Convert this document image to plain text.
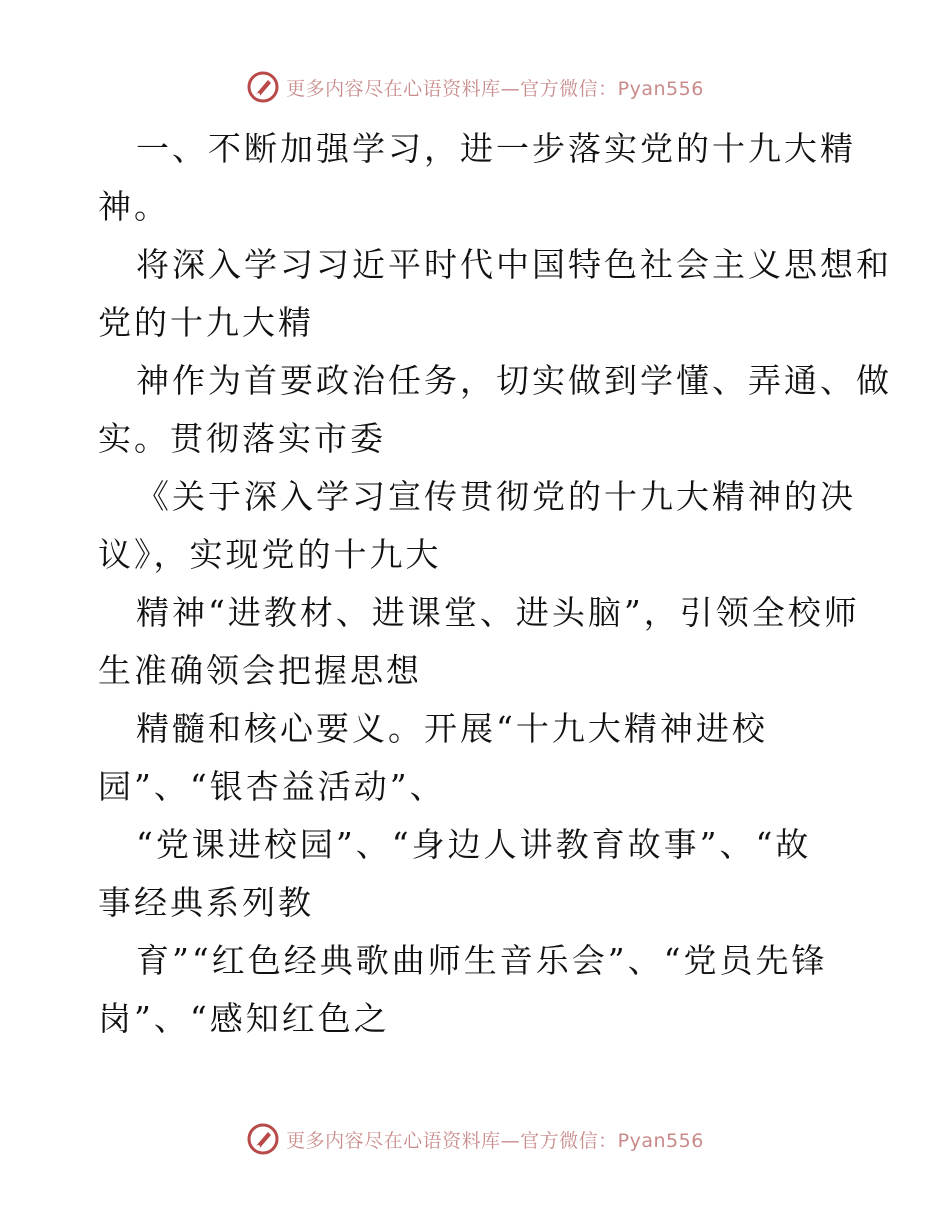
更多内容尽在心语资料库—官方微信：Pyan556
一、不断加强学习，进一步落实党的十九大精
神。
将深入学习习近平时代中国特色社会主义思想和
党的十九大精
神作为首要政治任务，切实做到学懂、弄通、做
实。贯彻落实市委
《关于深入学习宣传贯彻党的十九大精神的决
议》，实现党的十九大
精神“进教材、进课堂、进头脑”，引领全校师
生准确领会把握思想
精髓和核心要义。开展“十九大精神进校
园”、“银杏益活动”、
“党课进校园”、“身边人讲教育故事”、“故
事经典系列教
育”“红色经典歌曲师生音乐会”、“党员先锋
岗”、“感知红色之
更多内容尽在心语资料库—官方微信：Pyan556
